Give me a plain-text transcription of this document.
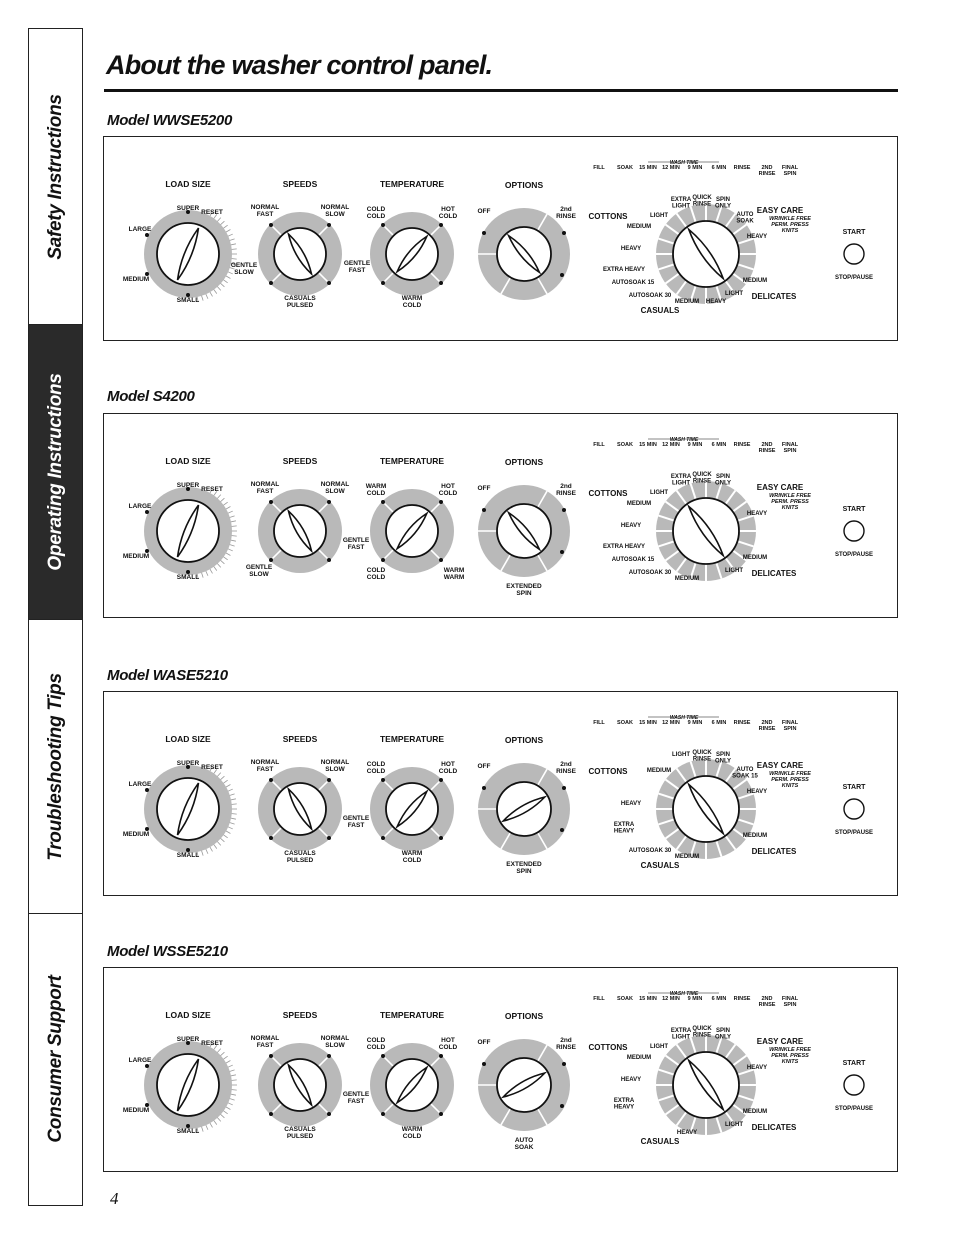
Safety Instructions
Operating Instructions
Troubleshooting Tips
Consumer Support
About the washer control panel.
Model WWSE5200
LOAD SIZE	SPEEDS	TEMPERATURE	OPTIONS
SUPER
RESET
LARGE
MEDIUM
SMALL
NORMAL FAST
NORMAL SLOW
GENTLE SLOW
CASUALS PULSED
COLD COLD
HOT COLD
GENTLE FAST
WARM COLD
OFF	2nd RINSE
FILL SOAK 15 MIN 12 MIN 9 MIN 6 MIN RINSE	2ND RINSE
FINAL SPIN
WASH TIME
COTTONS
EASY CARE
WRINKLE FREE PERM. PRESS KNITS
DELICATES
CASUALS
EXTRA LIGHT
QUICK RINSE
SPIN ONLY
AUTO SOAK
LIGHT
MEDIUM
HEAVY
EXTRA HEAVY
AUTOSOAK 15
AUTOSOAK 30
MEDIUM HEAVY
LIGHT
MEDIUM
HEAVY
START
STOP/PAUSE
Model S4200
LOAD SIZE	SPEEDS	TEMPERATURE	OPTIONS
SUPER
RESET
LARGE
MEDIUM
SMALL
NORMAL FAST
NORMAL SLOW
GENTLE SLOW
GENTLE FAST
WARM COLD
HOT COLD
COLD COLD
WARM WARM
OFF	2nd RINSE
EXTENDED SPIN
FILL SOAK 15 MIN 12 MIN 9 MIN 6 MIN RINSE	2ND RINSE
FINAL SPIN
WASH TIME
COTTONS
EASY CARE
WRINKLE FREE PERM. PRESS KNITS
DELICATES
EXTRA LIGHT
QUICK RINSE
SPIN ONLY
LIGHT
MEDIUM
HEAVY
EXTRA HEAVY
AUTOSOAK 15
AUTOSOAK 30
MEDIUM
LIGHT
MEDIUM
HEAVY
START
STOP/PAUSE
Model WASE5210
LOAD SIZE	SPEEDS	TEMPERATURE	OPTIONS
SUPER
RESET
LARGE
MEDIUM
SMALL
NORMAL FAST
NORMAL SLOW
GENTLE FAST
CASUALS PULSED
COLD COLD
HOT COLD
WARM COLD
OFF	2nd RINSE
EXTENDED SPIN
FILL SOAK 15 MIN 12 MIN 9 MIN 6 MIN RINSE	2ND RINSE
FINAL SPIN
WASH TIME
COTTONS
EASY CARE
WRINKLE FREE PERM. PRESS KNITS
DELICATES
CASUALS
LIGHT QUICK RINSE
SPIN ONLY
AUTO SOAK 15
MEDIUM
HEAVY
EXTRA HEAVY
AUTOSOAK 30
MEDIUM
MEDIUM
HEAVY
START
STOP/PAUSE
Model WSSE5210
LOAD SIZE	SPEEDS	TEMPERATURE	OPTIONS
SUPER
RESET
LARGE
MEDIUM
SMALL
NORMAL FAST
NORMAL SLOW
GENTLE FAST
CASUALS PULSED
COLD COLD
HOT COLD
WARM COLD
OFF	2nd RINSE
AUTO SOAK
FILL SOAK 15 MIN 12 MIN 9 MIN 6 MIN RINSE	2ND RINSE
FINAL SPIN
WASH TIME
COTTONS
EASY CARE
WRINKLE FREE PERM. PRESS KNITS
DELICATES
CASUALS
EXTRA LIGHT
QUICK RINSE
SPIN ONLY
LIGHT
MEDIUM
HEAVY
EXTRA HEAVY
HEAVY
LIGHT
MEDIUM
HEAVY
START
STOP/PAUSE
4
